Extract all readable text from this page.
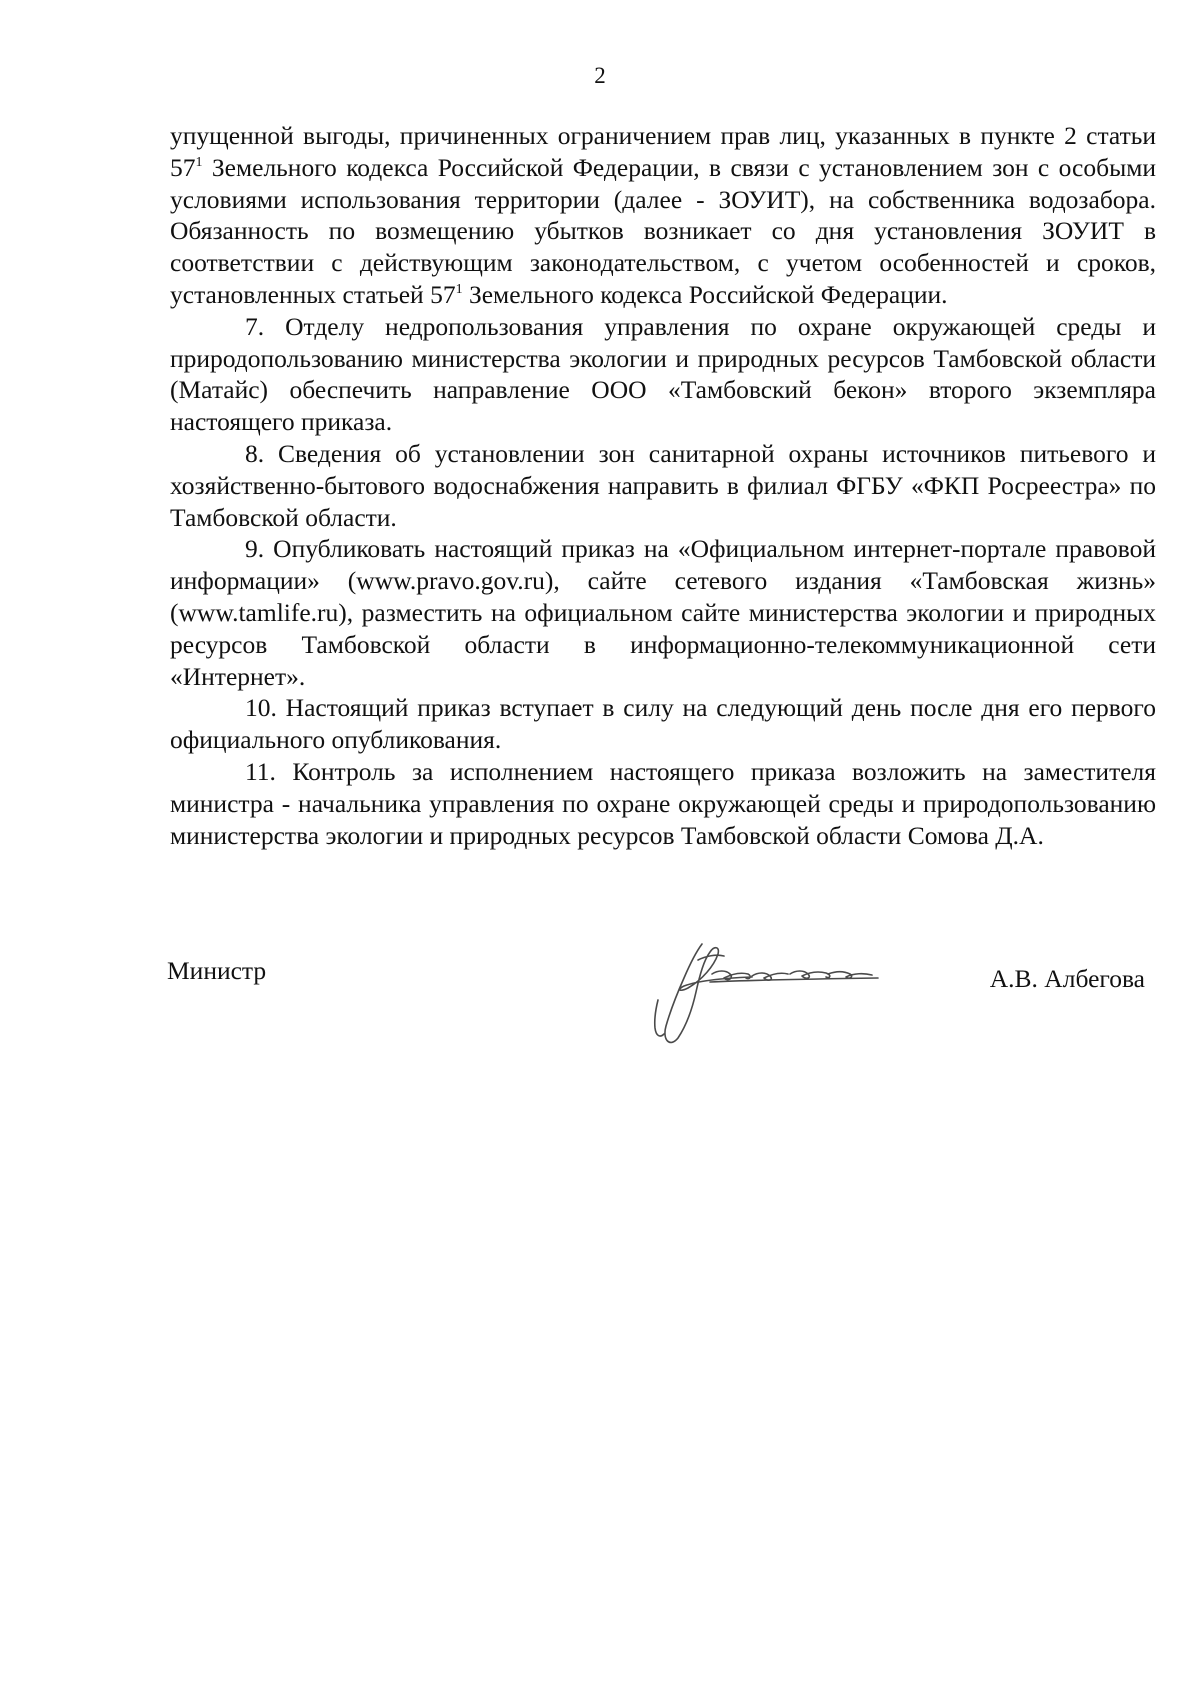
2

упущенной выгоды, причиненных ограничением прав лиц, указанных в пункте 2 статьи $57^1$ Земельного кодекса Российской Федерации, в связи с установлением зон с особыми условиями использования территории (далее - ЗОУИТ), на собственника водозабора. Обязанность по возмещению убытков возникает со дня установления ЗОУИТ в соответствии с действующим законодательством, с учетом особенностей и сроков, установленных статьей $57^1$ Земельного кодекса Российской Федерации.

7. Отделу недропользования управления по охране окружающей среды и природопользованию министерства экологии и природных ресурсов Тамбовской области (Матайс) обеспечить направление ООО «Тамбовский бекон» второго экземпляра настоящего приказа.

8. Сведения об установлении зон санитарной охраны источников питьевого и хозяйственно-бытового водоснабжения направить в филиал ФГБУ «ФКП Росреестра» по Тамбовской области.

9. Опубликовать настоящий приказ на «Официальном интернет-портале правовой информации» (www.pravo.gov.ru), сайте сетевого издания «Тамбовская жизнь» (www.tamlife.ru), разместить на официальном сайте министерства экологии и природных ресурсов Тамбовской области в информационно-телекоммуникационной сети «Интернет».

10. Настоящий приказ вступает в силу на следующий день после дня его первого официального опубликования.

11. Контроль за исполнением настоящего приказа возложить на заместителя министра - начальника управления по охране окружающей среды и природопользованию министерства экологии и природных ресурсов Тамбовской области Сомова Д.А.

Министр	А.В. Албегова
